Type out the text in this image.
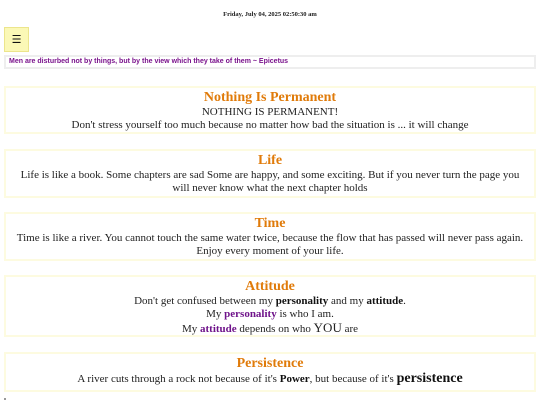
Friday, July 04, 2025 02:50:30 am
☰
Men are disturbed not by things, but by the view which they take of them ~ Epicetus
Nothing Is Permanent
NOTHING IS PERMANENT!
Don't stress yourself too much because no matter how bad the situation is ... it will change
Life
Life is like a book. Some chapters are sad Some are happy, and some exciting. But if you never turn the page you will never know what the next chapter holds
Time
Time is like a river. You cannot touch the same water twice, because the flow that has passed will never pass again. Enjoy every moment of your life.
Attitude
Don't get confused between my personality and my attitude.
My personality is who I am.
My attitude depends on who YOU are
Persistence
A river cuts through a rock not because of it's Power, but because of it's persistence
